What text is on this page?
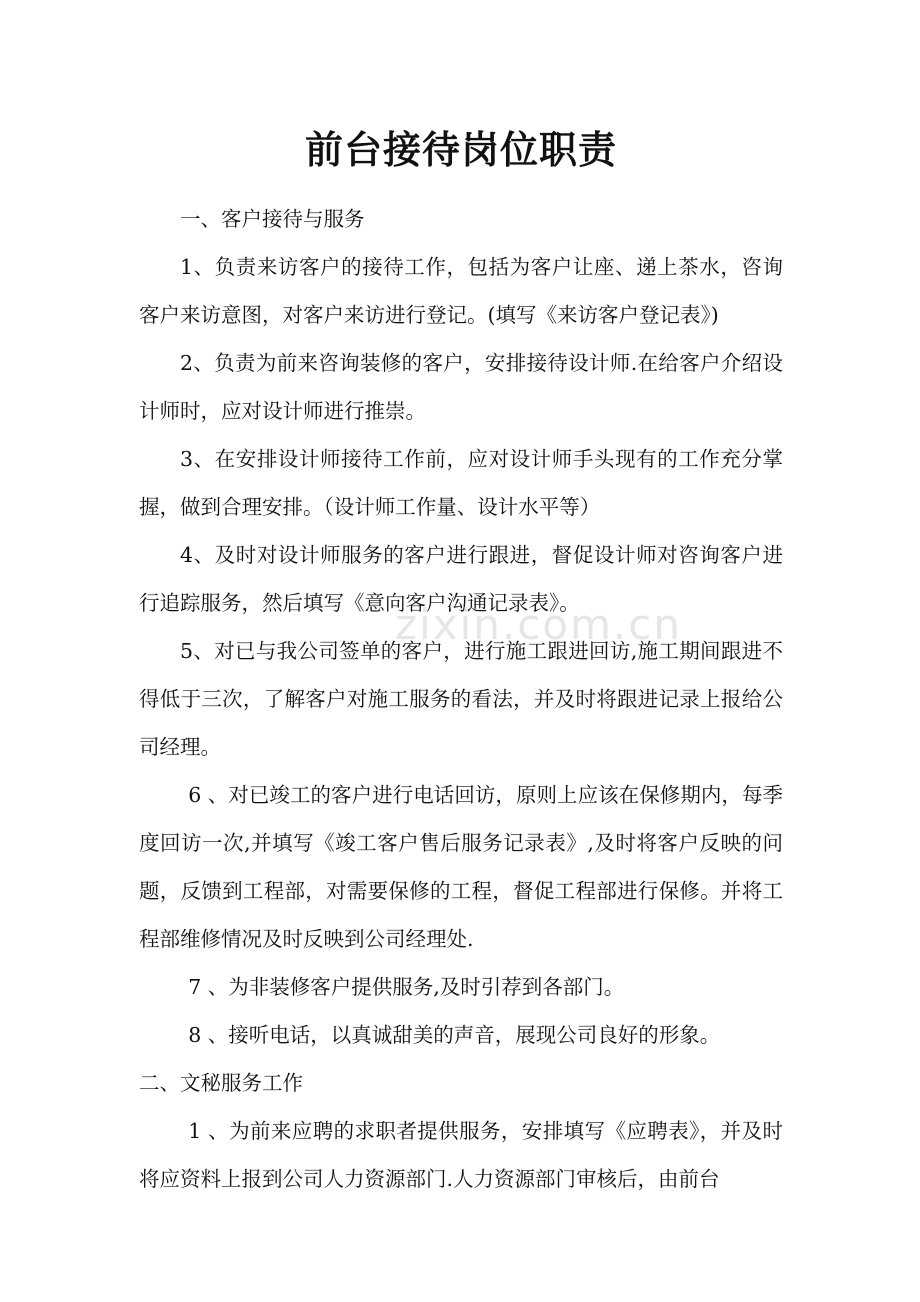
前台接待岗位职责

一、客户接待与服务

1、负责来访客户的接待工作，包括为客户让座、递上茶水，咨询客户来访意图，对客户来访进行登记。(填写《来访客户登记表》)

2、负责为前来咨询装修的客户，安排接待设计师.在给客户介绍设计师时，应对设计师进行推崇。

3、在安排设计师接待工作前，应对设计师手头现有的工作充分掌握，做到合理安排。（设计师工作量、设计水平等）

4、及时对设计师服务的客户进行跟进，督促设计师对咨询客户进行追踪服务，然后填写《意向客户沟通记录表》。

5、对已与我公司签单的客户，进行施工跟进回访,施工期间跟进不得低于三次，了解客户对施工服务的看法，并及时将跟进记录上报给公司经理。

6 、对已竣工的客户进行电话回访，原则上应该在保修期内，每季度回访一次,并填写《竣工客户售后服务记录表》,及时将客户反映的问题，反馈到工程部，对需要保修的工程，督促工程部进行保修。并将工程部维修情况及时反映到公司经理处.

7 、为非装修客户提供服务,及时引荐到各部门。

8 、接听电话，以真诚甜美的声音，展现公司良好的形象。

二、文秘服务工作

1 、为前来应聘的求职者提供服务，安排填写《应聘表》，并及时将应资料上报到公司人力资源部门.人力资源部门审核后，由前台

zixin.com.cn
